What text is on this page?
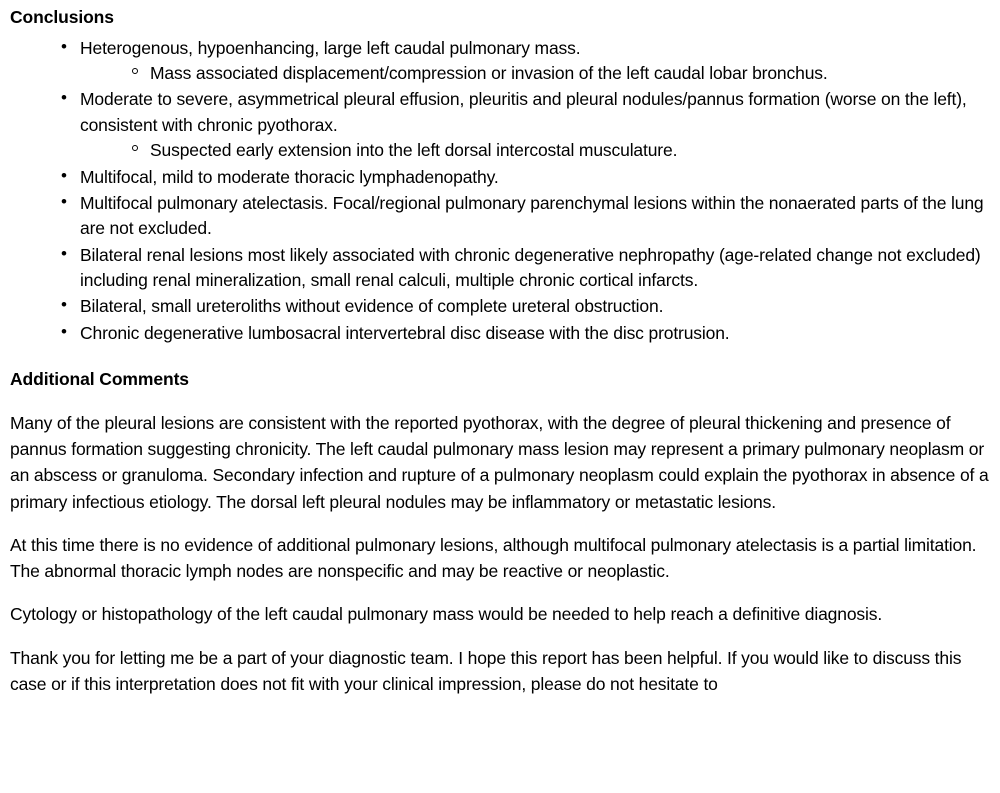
Conclusions
• Heterogenous, hypoenhancing, large left caudal pulmonary mass.
Mass associated displacement/compression or invasion of the left caudal lobar bronchus.
• Moderate to severe, asymmetrical pleural effusion, pleuritis and pleural nodules/pannus formation (worse on the left), consistent with chronic pyothorax.
Suspected early extension into the left dorsal intercostal musculature.
• Multifocal, mild to moderate thoracic lymphadenopathy.
• Multifocal pulmonary atelectasis. Focal/regional pulmonary parenchymal lesions within the nonaerated parts of the lung are not excluded.
• Bilateral renal lesions most likely associated with chronic degenerative nephropathy (age-related change not excluded) including renal mineralization, small renal calculi, multiple chronic cortical infarcts.
• Bilateral, small ureteroliths without evidence of complete ureteral obstruction.
• Chronic degenerative lumbosacral intervertebral disc disease with the disc protrusion.
Additional Comments

Many of the pleural lesions are consistent with the reported pyothorax, with the degree of pleural thickening and presence of pannus formation suggesting chronicity. The left caudal pulmonary mass lesion may represent a primary pulmonary neoplasm or an abscess or granuloma. Secondary infection and rupture of a pulmonary neoplasm could explain the pyothorax in absence of a primary infectious etiology. The dorsal left pleural nodules may be inflammatory or metastatic lesions.

At this time there is no evidence of additional pulmonary lesions, although multifocal pulmonary atelectasis is a partial limitation. The abnormal thoracic lymph nodes are nonspecific and may be reactive or neoplastic.

Cytology or histopathology of the left caudal pulmonary mass would be needed to help reach a definitive diagnosis.

Thank you for letting me be a part of your diagnostic team. I hope this report has been helpful. If you would like to discuss this case or if this interpretation does not fit with your clinical impression, please do not hesitate to
